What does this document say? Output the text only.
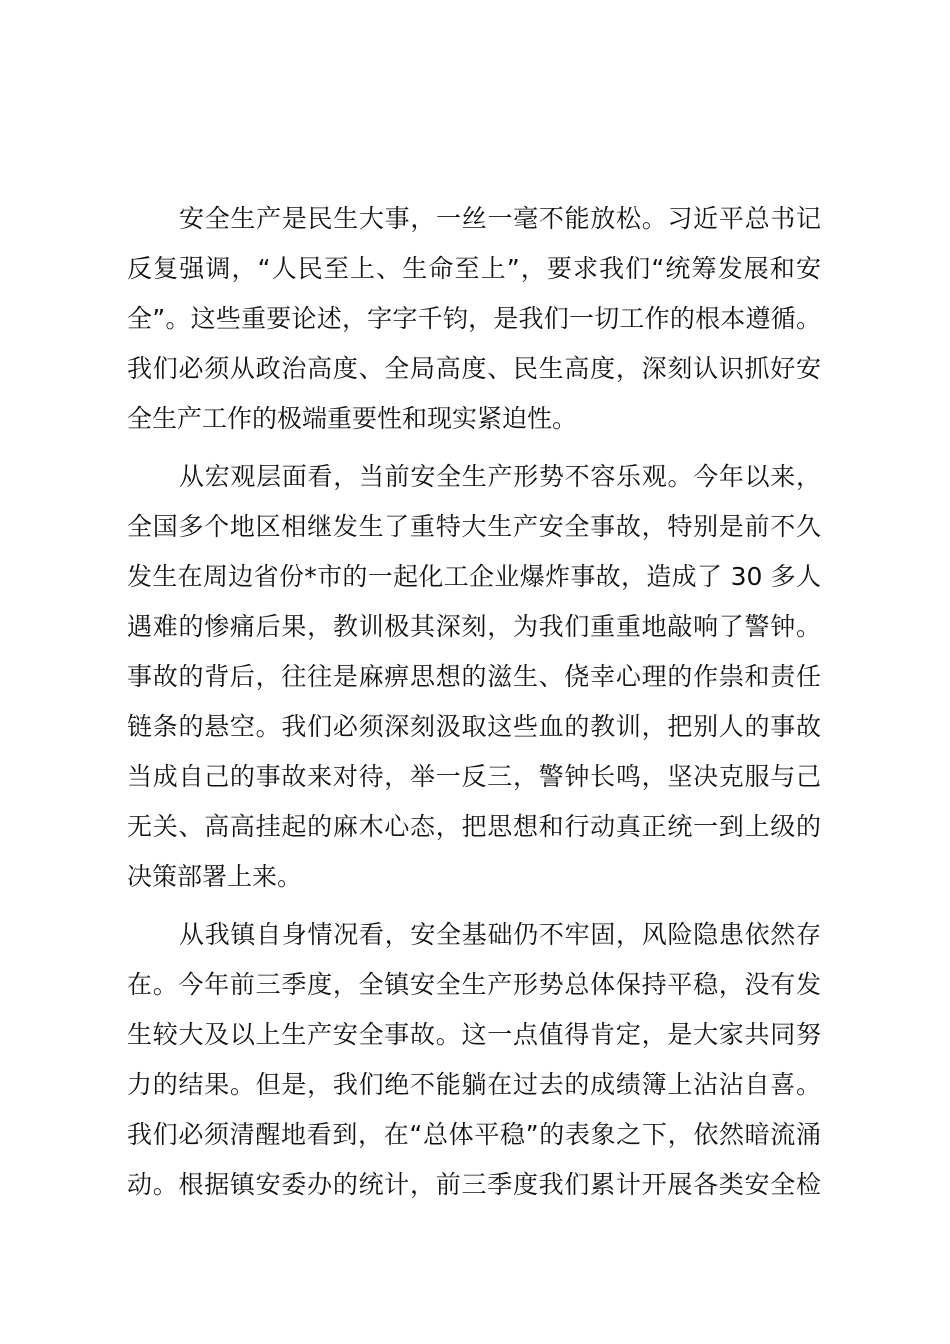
安全生产是民生大事，一丝一毫不能放松。习近平总书记
反复强调，“人民至上、生命至上”，要求我们“统筹发展和安
全”。这些重要论述，字字千钧，是我们一切工作的根本遵循。
我们必须从政治高度、全局高度、民生高度，深刻认识抓好安
全生产工作的极端重要性和现实紧迫性。
从宏观层面看，当前安全生产形势不容乐观。今年以来，
全国多个地区相继发生了重特大生产安全事故，特别是前不久
发生在周边省份*市的一起化工企业爆炸事故，造成了 30 多人
遇难的惨痛后果，教训极其深刻，为我们重重地敲响了警钟。
事故的背后，往往是麻痹思想的滋生、侥幸心理的作祟和责任
链条的悬空。我们必须深刻汲取这些血的教训，把别人的事故
当成自己的事故来对待，举一反三，警钟长鸣，坚决克服与己
无关、高高挂起的麻木心态，把思想和行动真正统一到上级的
决策部署上来。
从我镇自身情况看，安全基础仍不牢固，风险隐患依然存
在。今年前三季度，全镇安全生产形势总体保持平稳，没有发
生较大及以上生产安全事故。这一点值得肯定，是大家共同努
力的结果。但是，我们绝不能躺在过去的成绩簿上沾沾自喜。
我们必须清醒地看到，在“总体平稳”的表象之下，依然暗流涌
动。根据镇安委办的统计，前三季度我们累计开展各类安全检
